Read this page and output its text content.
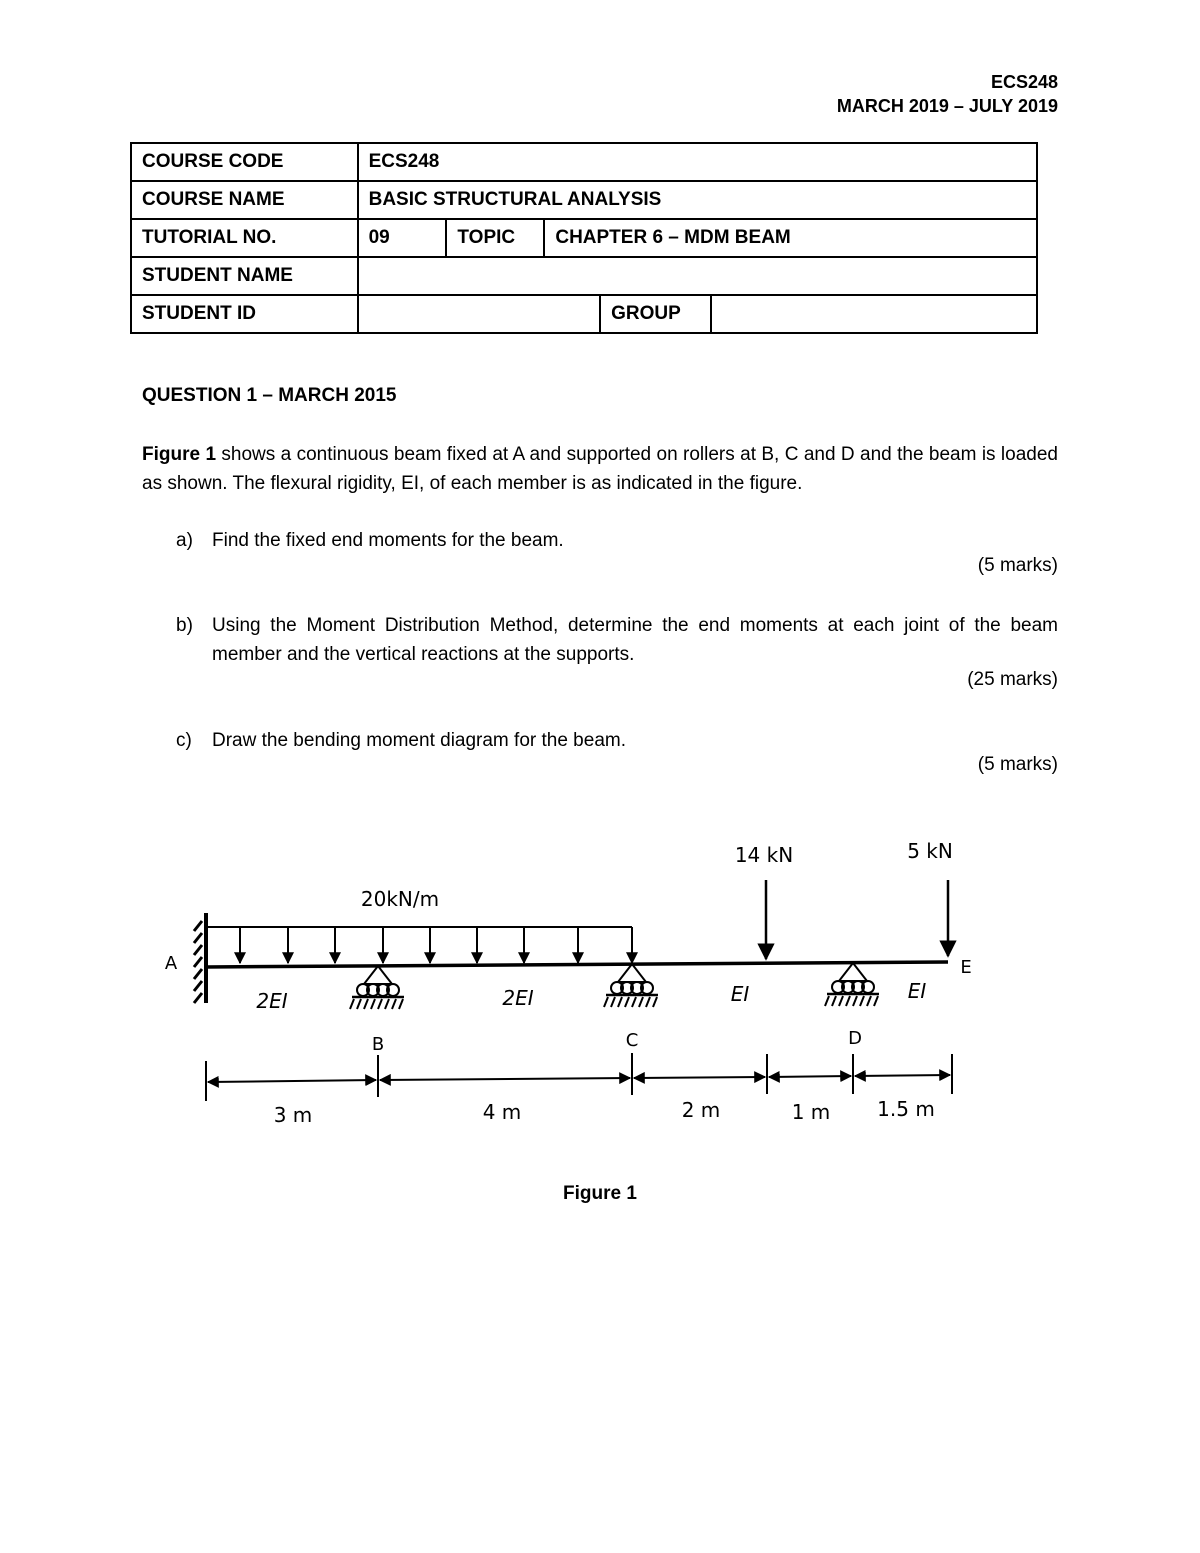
ECS248
MARCH 2019 – JULY 2019
COURSE CODE	ECS248				
COURSE NAME	BASIC STRUCTURAL ANALYSIS				
TUTORIAL NO.	09	TOPIC	CHAPTER 6 – MDM BEAM		
STUDENT NAME					
STUDENT ID				GROUP	
QUESTION 1 – MARCH 2015
Figure 1 shows a continuous beam fixed at A and supported on rollers at B, C and D and the beam is loaded as shown. The flexural rigidity, EI, of each member is as indicated in the figure.
a) Find the fixed end moments for the beam.
(5 marks)
b) Using the Moment Distribution Method, determine the end moments at each joint of the beam member and the vertical reactions at the supports.
(25 marks)
c) Draw the bending moment diagram for the beam.
(5 marks)
20kN/m
14 kN	5 kN
A
B	C	D
E
2EI	2EI	EI	EI
3 m	4 m	2 m	1 m 1.5 m
Figure 1
